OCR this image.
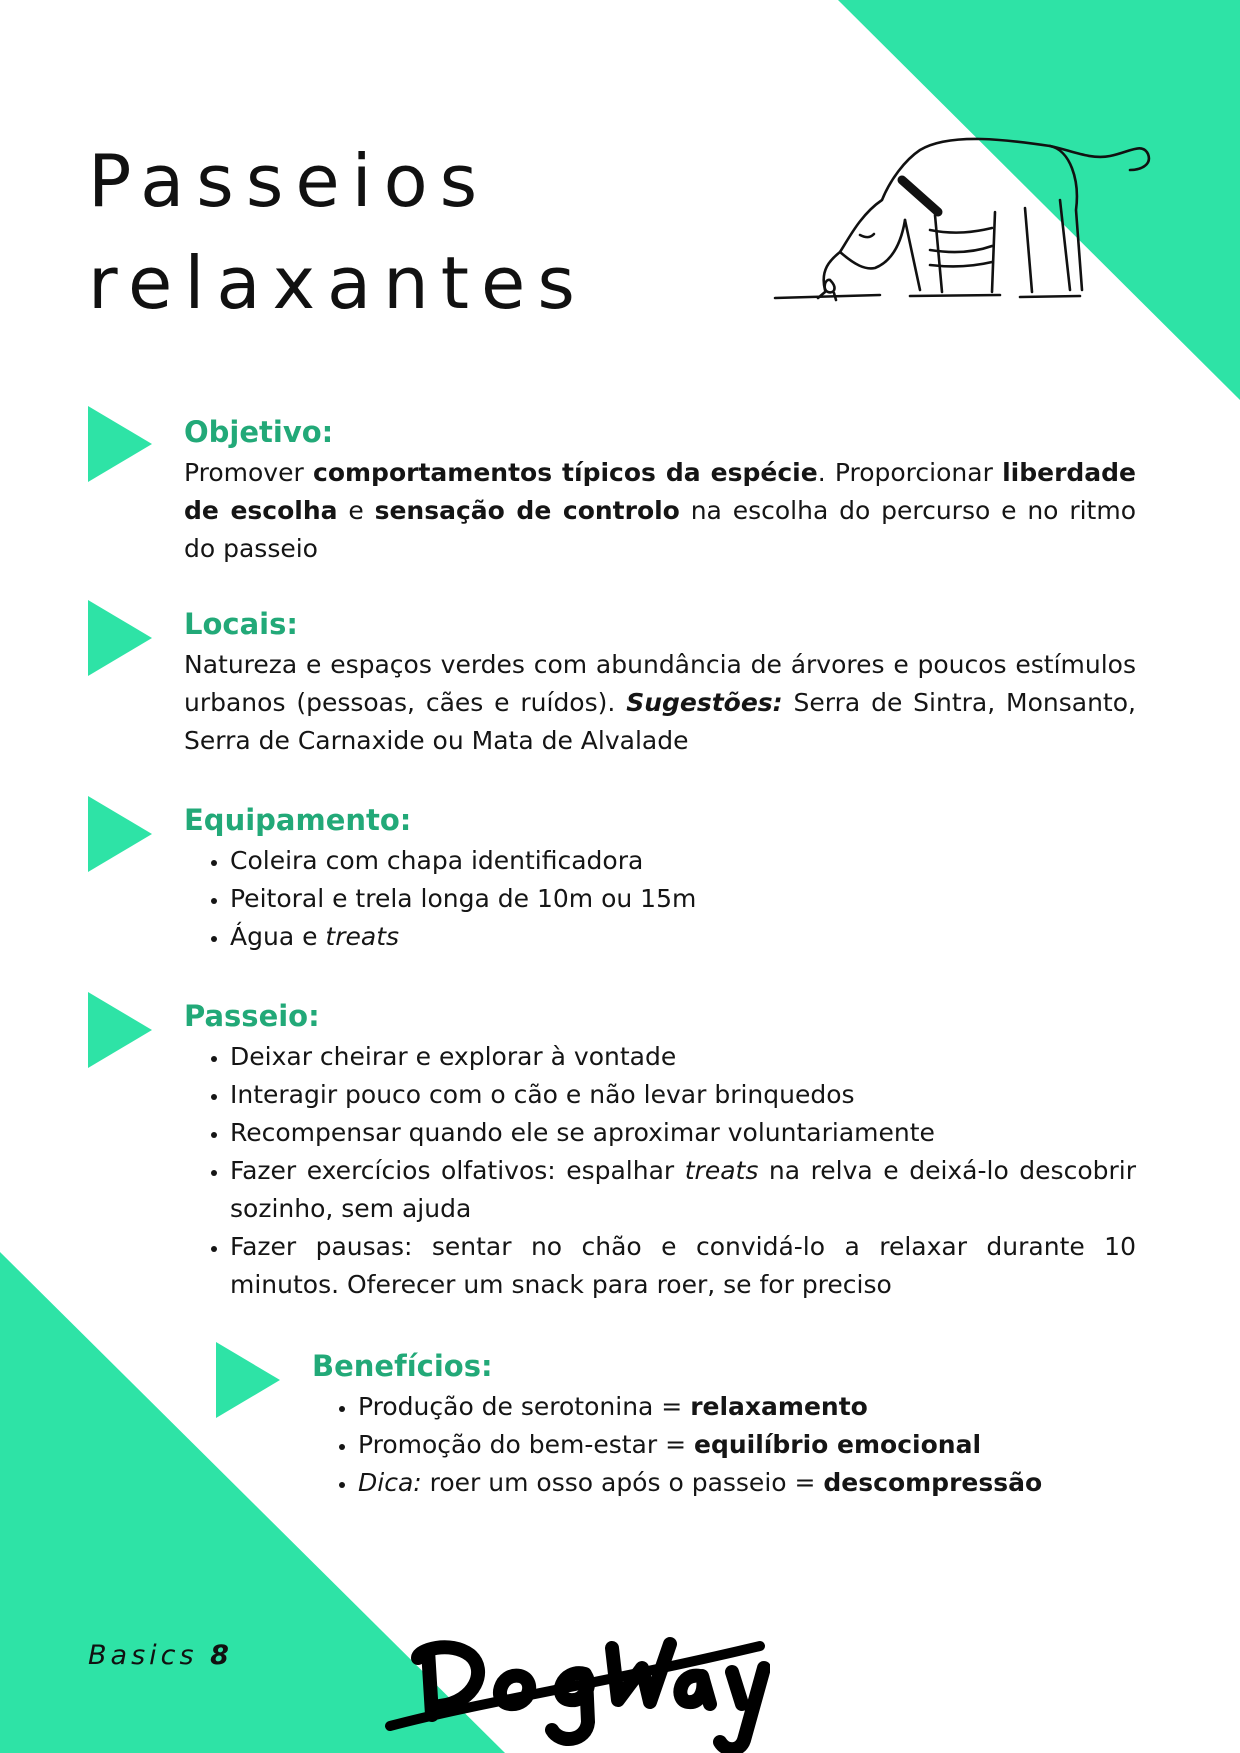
Passeios
relaxantes
Objetivo:

Promover comportamentos típicos da espécie. Proporcionar liberdade de escolha e sensação de controlo na escolha do percurso e no ritmo do passeio

Locais:

Natureza e espaços verdes com abundância de árvores e poucos estímulos urbanos (pessoas, cães e ruídos). Sugestões: Serra de Sintra, Monsanto, Serra de Carnaxide ou Mata de Alvalade

Equipamento:
• Coleira com chapa identificadora
• Peitoral e trela longa de 10m ou 15m
• Água e treats
Passeio:
• Deixar cheirar e explorar à vontade
• Interagir pouco com o cão e não levar brinquedos
• Recompensar quando ele se aproximar voluntariamente
• Fazer exercícios olfativos: espalhar treats na relva e deixá-lo descobrir sozinho, sem ajuda
• Fazer pausas: sentar no chão e convidá-lo a relaxar durante 10 minutos. Oferecer um snack para roer, se for preciso
Benefícios:
• Produção de serotonina = relaxamento
• Promoção do bem-estar = equilíbrio emocional
• Dica: roer um osso após o passeio = descompressão
Basics 8
